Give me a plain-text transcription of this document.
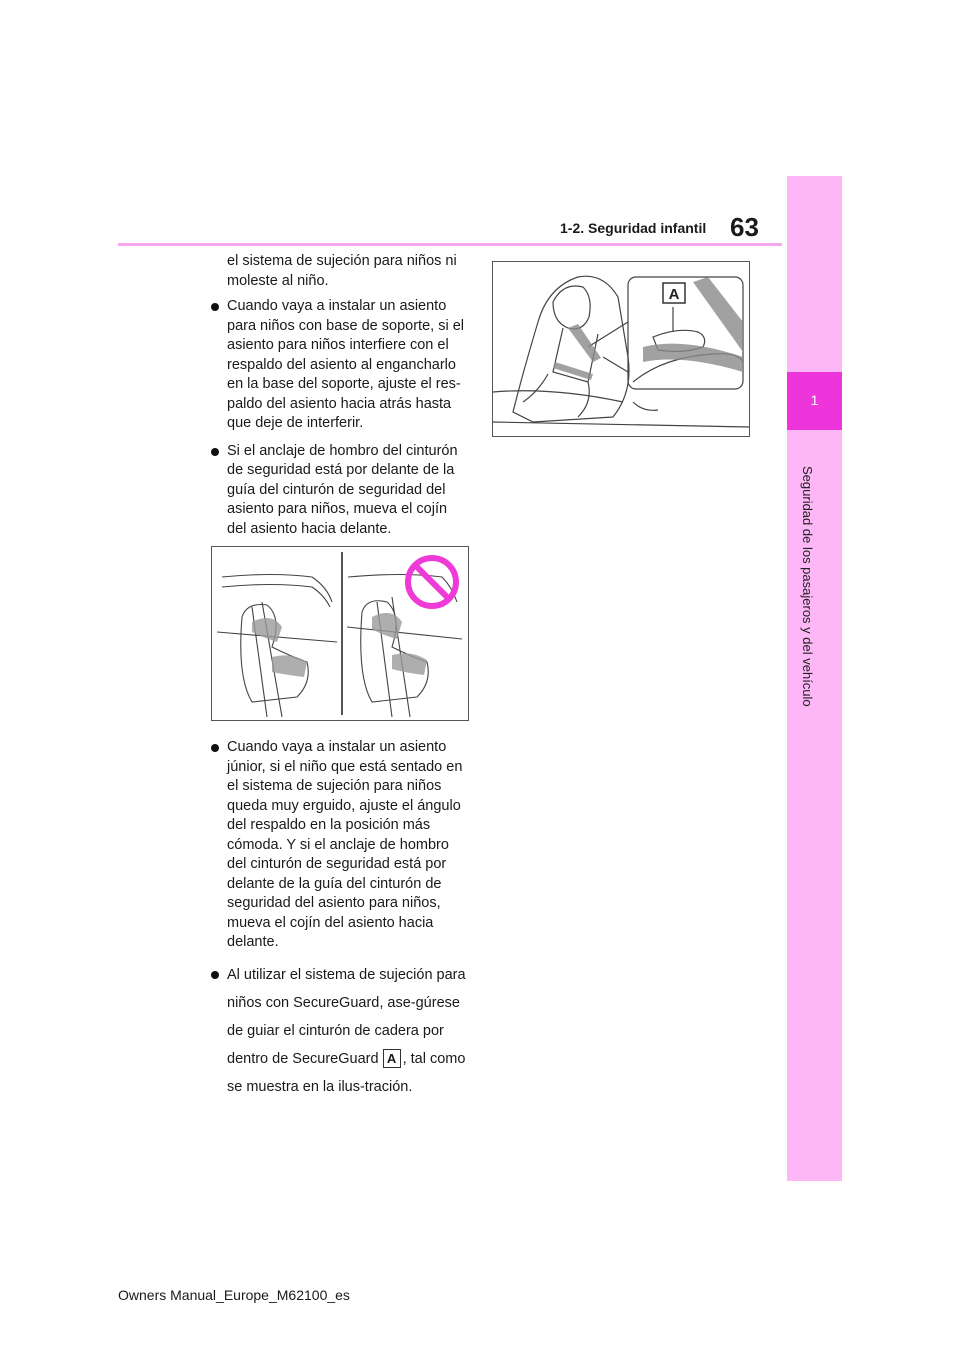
1
Seguridad de los pasajeros y del vehículo
1-2. Seguridad infantil 63

el sistema de sujeción para niños ni moleste al niño.

Cuando vaya a instalar un asiento para niños con base de soporte, si el asiento para niños interfiere con el respaldo del asiento al engancharlo en la base del soporte, ajuste el res-paldo del asiento hacia atrás hasta que deje de interferir.

Si el anclaje de hombro del cinturón de seguridad está por delante de la guía del cinturón de seguridad del asiento para niños, mueva el cojín del asiento hacia delante.

Cuando vaya a instalar un asiento júnior, si el niño que está sentado en el sistema de sujeción para niños queda muy erguido, ajuste el ángulo del respaldo en la posición más cómoda. Y si el anclaje de hombro del cinturón de seguridad está por delante de la guía del cinturón de seguridad del asiento para niños, mueva el cojín del asiento hacia delante.

Al utilizar el sistema de sujeción para niños con SecureGuard, ase-gúrese de guiar el cinturón de cadera por dentro de SecureGuard A , tal como se muestra en la ilus-tración.

A
Owners Manual_Europe_M62100_es
